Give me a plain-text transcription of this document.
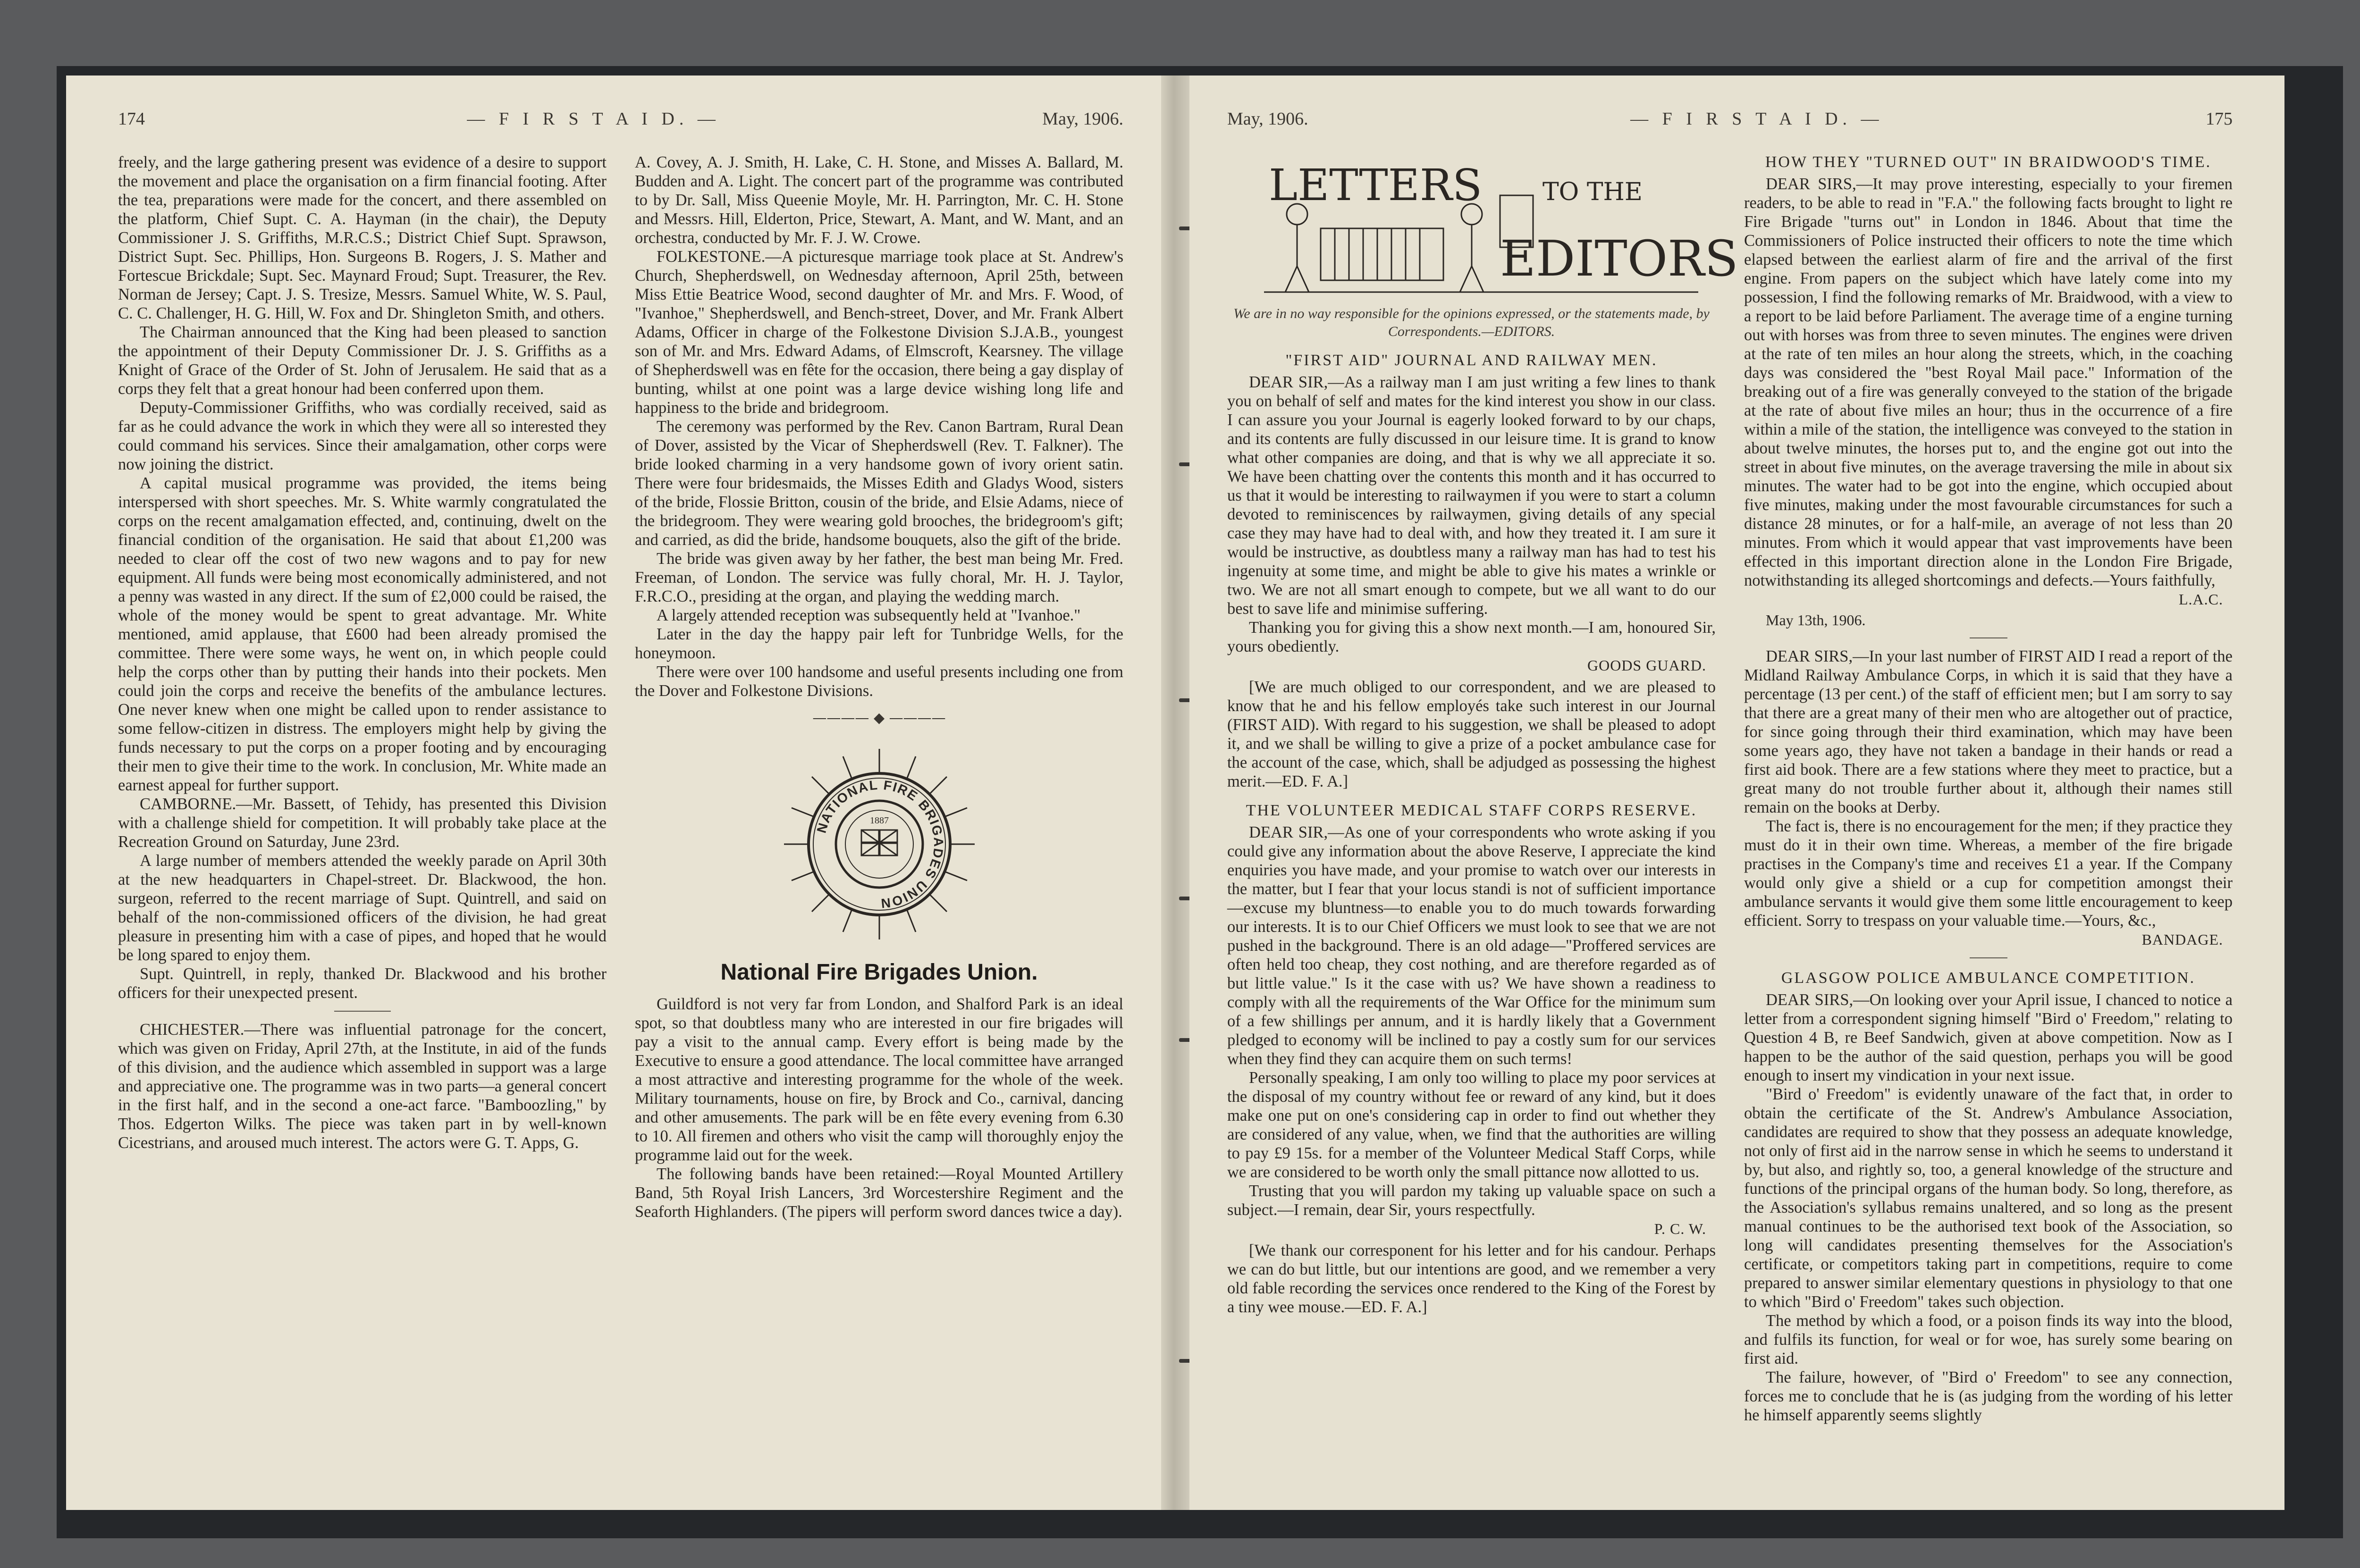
174	— F I R S T A I D. —	May, 1906.

freely, and the large gathering present was evidence of a desire to support the movement and place the organisation on a firm financial footing. After the tea, preparations were made for the concert, and there assembled on the platform, Chief Supt. C. A. Hayman (in the chair), the Deputy Commissioner J. S. Griffiths, M.R.C.S.; District Chief Supt. Sprawson, District Supt. Sec. Phillips, Hon. Surgeons B. Rogers, J. S. Mather and Fortescue Brickdale; Supt. Sec. Maynard Froud; Supt. Treasurer, the Rev. Norman de Jersey; Capt. J. S. Tresize, Messrs. Samuel White, W. S. Paul, C. C. Challenger, H. G. Hill, W. Fox and Dr. Shingleton Smith, and others.

The Chairman announced that the King had been pleased to sanction the appointment of their Deputy Commissioner Dr. J. S. Griffiths as a Knight of Grace of the Order of St. John of Jerusalem. He said that as a corps they felt that a great honour had been conferred upon them.

Deputy-Commissioner Griffiths, who was cordially received, said as far as he could advance the work in which they were all so interested they could command his services. Since their amalgamation, other corps were now joining the district.

A capital musical programme was provided, the items being interspersed with short speeches. Mr. S. White warmly congratulated the corps on the recent amalgamation effected, and, continuing, dwelt on the financial condition of the organisation. He said that about £1,200 was needed to clear off the cost of two new wagons and to pay for new equipment. All funds were being most economically administered, and not a penny was wasted in any direct. If the sum of £2,000 could be raised, the whole of the money would be spent to great advantage. Mr. White mentioned, amid applause, that £600 had been already promised the committee. There were some ways, he went on, in which people could help the corps other than by putting their hands into their pockets. Men could join the corps and receive the benefits of the ambulance lectures. One never knew when one might be called upon to render assistance to some fellow-citizen in distress. The employers might help by giving the funds necessary to put the corps on a proper footing and by encouraging their men to give their time to the work. In conclusion, Mr. White made an earnest appeal for further support.

CAMBORNE.—Mr. Bassett, of Tehidy, has presented this Division with a challenge shield for competition. It will probably take place at the Recreation Ground on Saturday, June 23rd.

A large number of members attended the weekly parade on April 30th at the new headquarters in Chapel-street. Dr. Blackwood, the hon. surgeon, referred to the recent marriage of Supt. Quintrell, and said on behalf of the non-commissioned officers of the division, he had great pleasure in presenting him with a case of pipes, and hoped that he would be long spared to enjoy them.

Supt. Quintrell, in reply, thanked Dr. Blackwood and his brother officers for their unexpected present.

CHICHESTER.—There was influential patronage for the concert, which was given on Friday, April 27th, at the Institute, in aid of the funds of this division, and the audience which assembled in support was a large and appreciative one. The programme was in two parts—a general concert in the first half, and in the second a one-act farce. "Bamboozling," by Thos. Edgerton Wilks. The piece was taken part in by well-known Cicestrians, and aroused much interest. The actors were G. T. Apps, G.

A. Covey, A. J. Smith, H. Lake, C. H. Stone, and Misses A. Ballard, M. Budden and A. Light. The concert part of the programme was contributed to by Dr. Sall, Miss Queenie Moyle, Mr. H. Parrington, Mr. C. H. Stone and Messrs. Hill, Elderton, Price, Stewart, A. Mant, and W. Mant, and an orchestra, conducted by Mr. F. J. W. Crowe.

FOLKESTONE.—A picturesque marriage took place at St. Andrew's Church, Shepherdswell, on Wednesday afternoon, April 25th, between Miss Ettie Beatrice Wood, second daughter of Mr. and Mrs. F. Wood, of "Ivanhoe," Shepherdswell, and Bench-street, Dover, and Mr. Frank Albert Adams, Officer in charge of the Folkestone Division S.J.A.B., youngest son of Mr. and Mrs. Edward Adams, of Elmscroft, Kearsney. The village of Shepherdswell was en fête for the occasion, there being a gay display of bunting, whilst at one point was a large device wishing long life and happiness to the bride and bridegroom.

The ceremony was performed by the Rev. Canon Bartram, Rural Dean of Dover, assisted by the Vicar of Shepherdswell (Rev. T. Falkner). The bride looked charming in a very handsome gown of ivory orient satin. There were four bridesmaids, the Misses Edith and Gladys Wood, sisters of the bride, Flossie Britton, cousin of the bride, and Elsie Adams, niece of the bridegroom. They were wearing gold brooches, the bridegroom's gift; and carried, as did the bride, handsome bouquets, also the gift of the bride.

The bride was given away by her father, the best man being Mr. Fred. Freeman, of London. The service was fully choral, Mr. H. J. Taylor, F.R.C.O., presiding at the organ, and playing the wedding march.

A largely attended reception was subsequently held at "Ivanhoe."

Later in the day the happy pair left for Tunbridge Wells, for the honeymoon.

There were over 100 handsome and useful presents including one from the Dover and Folkestone Divisions.

———— ◆ ————
NATIONAL FIRE BRIGADES UNION
1887
National Fire Brigades Union.

Guildford is not very far from London, and Shalford Park is an ideal spot, so that doubtless many who are interested in our fire brigades will pay a visit to the annual camp. Every effort is being made by the Executive to ensure a good attendance. The local committee have arranged a most attractive and interesting programme for the whole of the week. Military tournaments, house on fire, by Brock and Co., carnival, dancing and other amusements. The park will be en fête every evening from 6.30 to 10. All firemen and others who visit the camp will thoroughly enjoy the programme laid out for the week.

The following bands have been retained:—Royal Mounted Artillery Band, 5th Royal Irish Lancers, 3rd Worcestershire Regiment and the Seaforth Highlanders. (The pipers will perform sword dances twice a day).

May, 1906.	— F I R S T A I D. —	175
LETTERS TO THE
EDITORS
We are in no way responsible for the opinions expressed, or the statements made, by Correspondents.—EDITORS.
"FIRST AID" JOURNAL AND RAILWAY MEN.

DEAR SIR,—As a railway man I am just writing a few lines to thank you on behalf of self and mates for the kind interest you show in our class. I can assure you your Journal is eagerly looked forward to by our chaps, and its contents are fully discussed in our leisure time. It is grand to know what other companies are doing, and that is why we all appreciate it so. We have been chatting over the contents this month and it has occurred to us that it would be interesting to railwaymen if you were to start a column devoted to reminiscences by railwaymen, giving details of any special case they may have had to deal with, and how they treated it. I am sure it would be instructive, as doubtless many a railway man has had to test his ingenuity at some time, and might be able to give his mates a wrinkle or two. We are not all smart enough to compete, but we all want to do our best to save life and minimise suffering.

Thanking you for giving this a show next month.—I am, honoured Sir, yours obediently.

GOODS GUARD.

[We are much obliged to our correspondent, and we are pleased to know that he and his fellow employés take such interest in our Journal (FIRST AID). With regard to his suggestion, we shall be pleased to adopt it, and we shall be willing to give a prize of a pocket ambulance case for the account of the case, which, shall be adjudged as possessing the highest merit.—ED. F. A.]

THE VOLUNTEER MEDICAL STAFF CORPS RESERVE.

DEAR SIR,—As one of your correspondents who wrote asking if you could give any information about the above Reserve, I appreciate the kind enquiries you have made, and your promise to watch over our interests in the matter, but I fear that your locus standi is not of sufficient importance—excuse my bluntness—to enable you to do much towards forwarding our interests. It is to our Chief Officers we must look to see that we are not pushed in the background. There is an old adage—"Proffered services are often held too cheap, they cost nothing, and are therefore regarded as of but little value." Is it the case with us? We have shown a readiness to comply with all the requirements of the War Office for the minimum sum of a few shillings per annum, and it is hardly likely that a Government pledged to economy will be inclined to pay a costly sum for our services when they find they can acquire them on such terms!

Personally speaking, I am only too willing to place my poor services at the disposal of my country without fee or reward of any kind, but it does make one put on one's considering cap in order to find out whether they are considered of any value, when, we find that the authorities are willing to pay £9 15s. for a member of the Volunteer Medical Staff Corps, while we are considered to be worth only the small pittance now allotted to us.

Trusting that you will pardon my taking up valuable space on such a subject.—I remain, dear Sir, yours respectfully.

P. C. W.

[We thank our corresponent for his letter and for his candour. Perhaps we can do but little, but our intentions are good, and we remember a very old fable recording the services once rendered to the King of the Forest by a tiny wee mouse.—ED. F. A.]

HOW THEY "TURNED OUT" IN BRAIDWOOD'S TIME.

DEAR SIRS,—It may prove interesting, especially to your firemen readers, to be able to read in "F.A." the following facts brought to light re Fire Brigade "turns out" in London in 1846. About that time the Commissioners of Police instructed their officers to note the time which elapsed between the earliest alarm of fire and the arrival of the first engine. From papers on the subject which have lately come into my possession, I find the following remarks of Mr. Braidwood, with a view to a report to be laid before Parliament. The average time of a engine turning out with horses was from three to seven minutes. The engines were driven at the rate of ten miles an hour along the streets, which, in the coaching days was considered the "best Royal Mail pace." Information of the breaking out of a fire was generally conveyed to the station of the brigade at the rate of about five miles an hour; thus in the occurrence of a fire within a mile of the station, the intelligence was conveyed to the station in about twelve minutes, the horses put to, and the engine got out into the street in about five minutes, on the average traversing the mile in about six minutes. The water had to be got into the engine, which occupied about five minutes, making under the most favourable circumstances for such a distance 28 minutes, or for a half-mile, an average of not less than 20 minutes. From which it would appear that vast improvements have been effected in this important direction alone in the London Fire Brigade, notwithstanding its alleged shortcomings and defects.—Yours faithfully,

L.A.C.
May 13th, 1906.

DEAR SIRS,—In your last number of FIRST AID I read a report of the Midland Railway Ambulance Corps, in which it is said that they have a percentage (13 per cent.) of the staff of efficient men; but I am sorry to say that there are a great many of their men who are altogether out of practice, for since going through their third examination, which may have been some years ago, they have not taken a bandage in their hands or read a first aid book. There are a few stations where they meet to practice, but a great many do not trouble further about it, although their names still remain on the books at Derby.

The fact is, there is no encouragement for the men; if they practice they must do it in their own time. Whereas, a member of the fire brigade practises in the Company's time and receives £1 a year. If the Company would only give a shield or a cup for competition amongst their ambulance servants it would give them some little encouragement to keep efficient. Sorry to trespass on your valuable time.—Yours, &c.,

BANDAGE.
GLASGOW POLICE AMBULANCE COMPETITION.

DEAR SIRS,—On looking over your April issue, I chanced to notice a letter from a correspondent signing himself "Bird o' Freedom," relating to Question 4 B, re Beef Sandwich, given at above competition. Now as I happen to be the author of the said question, perhaps you will be good enough to insert my vindication in your next issue.

"Bird o' Freedom" is evidently unaware of the fact that, in order to obtain the certificate of the St. Andrew's Ambulance Association, candidates are required to show that they possess an adequate knowledge, not only of first aid in the narrow sense in which he seems to understand it by, but also, and rightly so, too, a general knowledge of the structure and functions of the principal organs of the human body. So long, therefore, as the Association's syllabus remains unaltered, and so long as the present manual continues to be the authorised text book of the Association, so long will candidates presenting themselves for the Association's certificate, or competitors taking part in competitions, require to come prepared to answer similar elementary questions in physiology to that one to which "Bird o' Freedom" takes such objection.

The method by which a food, or a poison finds its way into the blood, and fulfils its function, for weal or for woe, has surely some bearing on first aid.

The failure, however, of "Bird o' Freedom" to see any connection, forces me to conclude that he is (as judging from the wording of his letter he himself apparently seems slightly
